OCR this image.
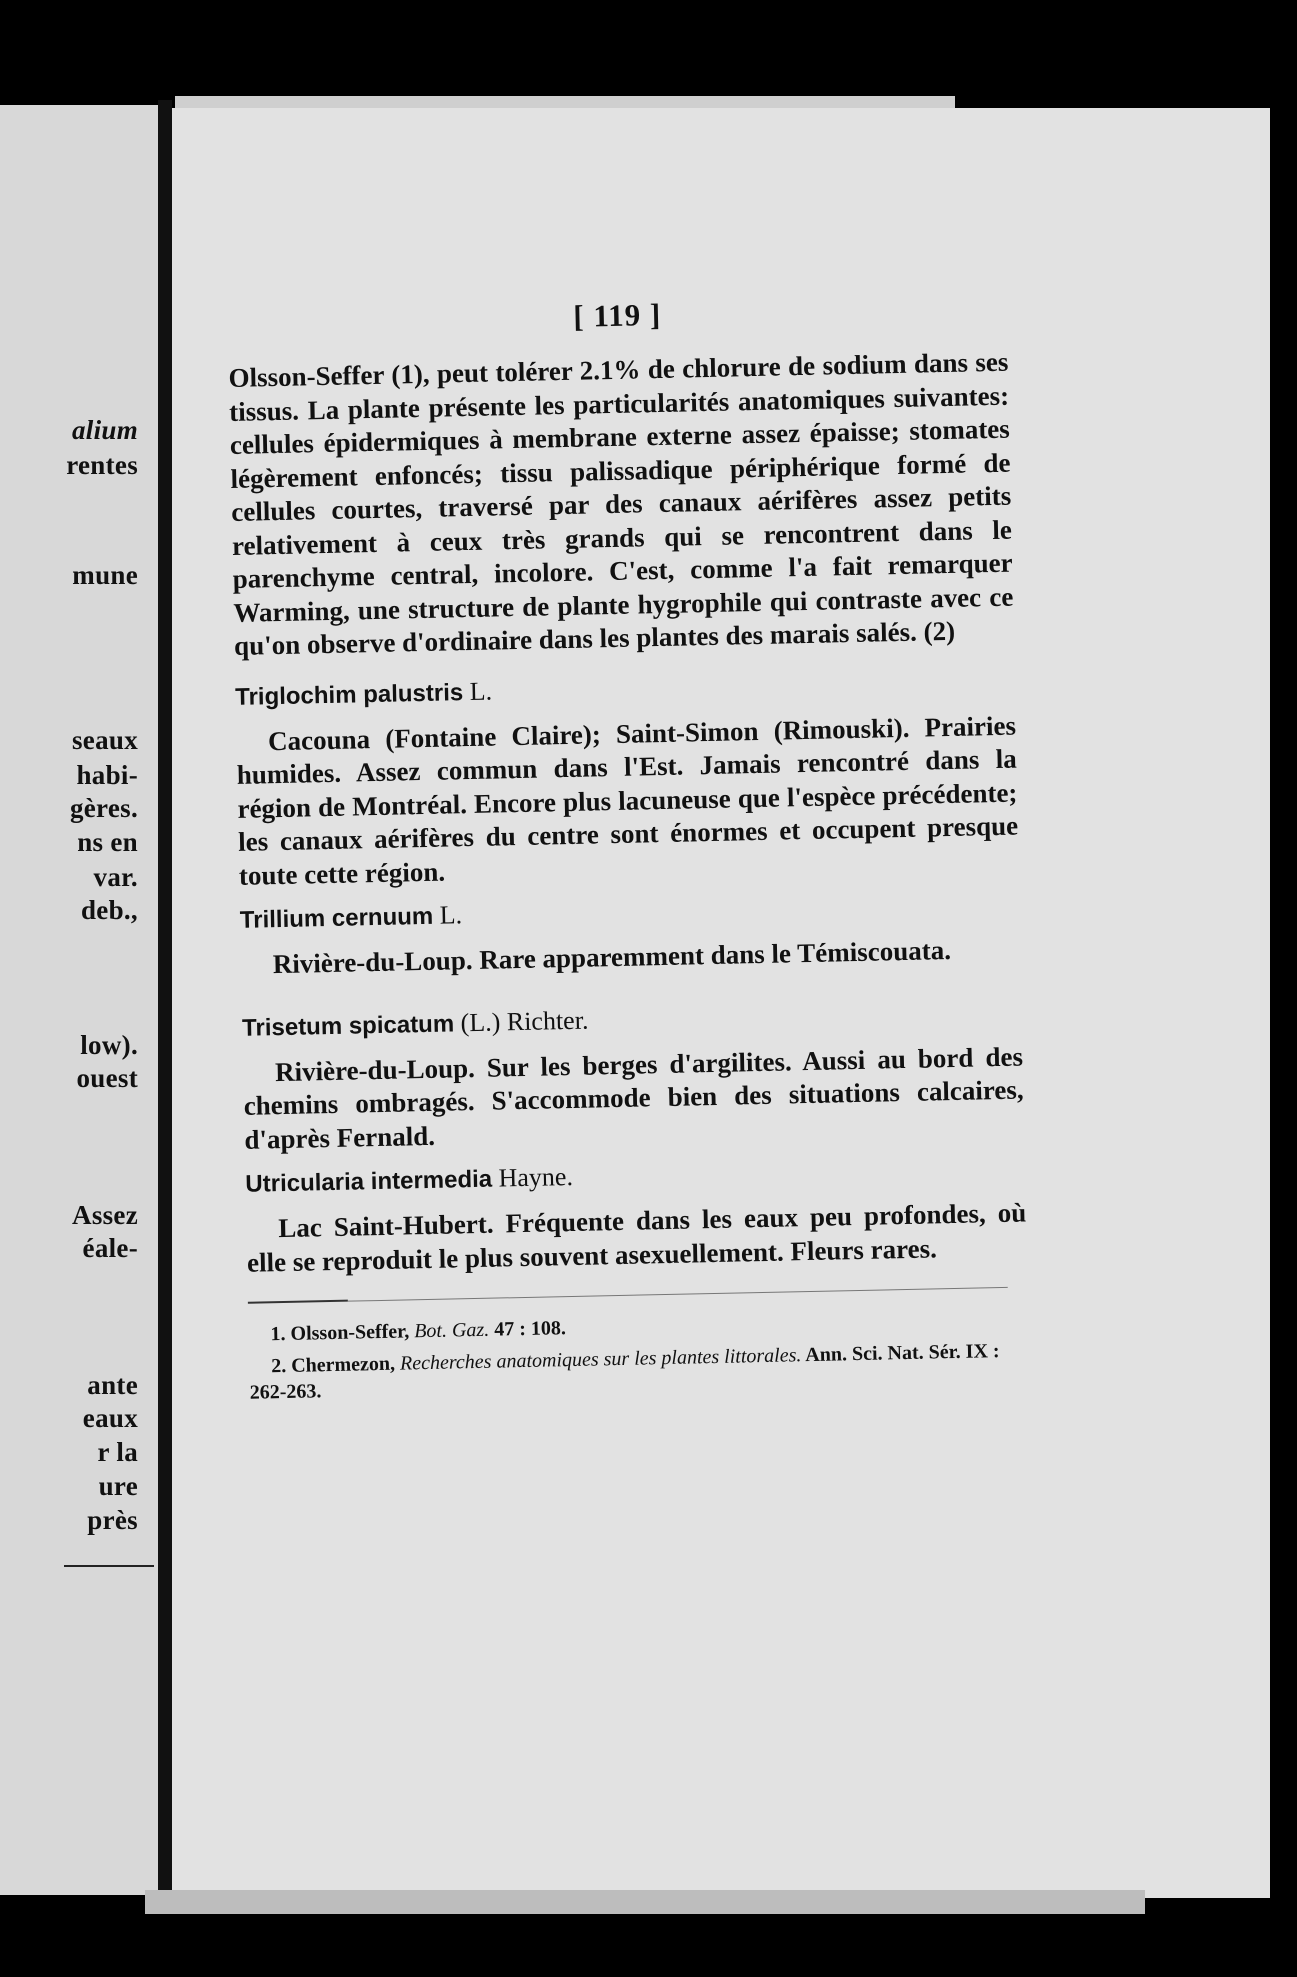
alium
rentes
mune
seaux
habi-
gères.
ns en
var.
deb.,
low).
ouest
Assez
éale-
ante
eaux
r la
ure
près
[ 119 ]

Olsson-Seffer (1), peut tolérer 2.1% de chlorure de sodium dans ses tissus. La plante présente les particularités anatomiques suivantes: cellules épidermiques à membrane externe assez épaisse; stomates légèrement enfoncés; tissu palissadique périphérique formé de cellules courtes, traversé par des canaux aérifères assez petits relativement à ceux très grands qui se rencontrent dans le parenchyme central, incolore. C'est, comme l'a fait remarquer Warming, une structure de plante hygrophile qui contraste avec ce qu'on observe d'ordinaire dans les plantes des marais salés. (2)

Triglochim palustris L.

Cacouna (Fontaine Claire); Saint-Simon (Rimouski). Prairies humides. Assez commun dans l'Est. Jamais rencontré dans la région de Montréal. Encore plus lacuneuse que l'espèce précédente; les canaux aérifères du centre sont énormes et occupent presque toute cette région.

Trillium cernuum L.

Rivière-du-Loup. Rare apparemment dans le Témiscouata.

Trisetum spicatum (L.) Richter.

Rivière-du-Loup. Sur les berges d'argilites. Aussi au bord des chemins ombragés. S'accommode bien des situations calcaires, d'après Fernald.

Utricularia intermedia Hayne.

Lac Saint-Hubert. Fréquente dans les eaux peu profondes, où elle se reproduit le plus souvent asexuellement. Fleurs rares.

1. Olsson-Seffer, Bot. Gaz. 47 : 108.
2. Chermezon, Recherches anatomiques sur les plantes littorales. Ann. Sci. Nat. Sér. IX : 262-263.
